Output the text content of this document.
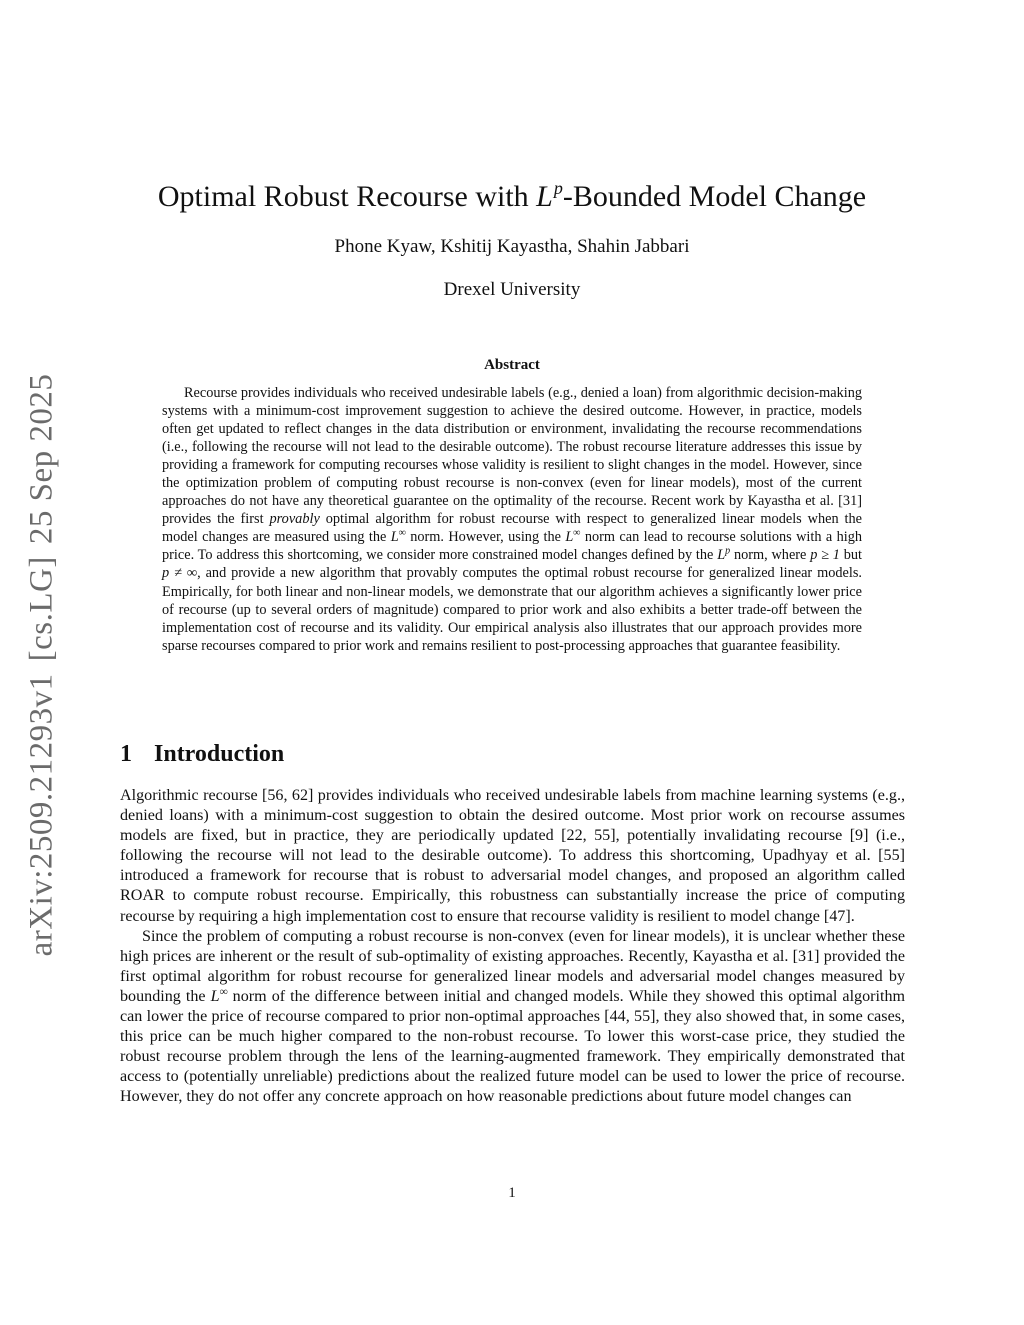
arXiv:2509.21293v1[cs.LG]25 Sep 2025
Optimal Robust Recourse with $L^p$-Bounded Model Change
Phone Kyaw, Kshitij Kayastha, Shahin Jabbari
Drexel University
Abstract

Recourse provides individuals who received undesirable labels (e.g., denied a loan) from algorithmic decision-making systems with a minimum-cost improvement suggestion to achieve the desired outcome. However, in practice, models often get updated to reflect changes in the data distribution or environment, invalidating the recourse recommendations (i.e., following the recourse will not lead to the desirable outcome). The robust recourse literature addresses this issue by providing a framework for computing recourses whose validity is resilient to slight changes in the model. However, since the optimization problem of computing robust recourse is non-convex (even for linear models), most of the current approaches do not have any theoretical guarantee on the optimality of the recourse. Recent work by Kayastha et al. [31] provides the first provably optimal algorithm for robust recourse with respect to generalized linear models when the model changes are measured using the L∞ norm. However, using the L∞ norm can lead to recourse solutions with a high price. To address this shortcoming, we consider more constrained model changes defined by the $L^p$ norm, where p ≥ 1 but p ≠ ∞, and provide a new algorithm that provably computes the optimal robust recourse for generalized linear models. Empirically, for both linear and non-linear models, we demonstrate that our algorithm achieves a significantly lower price of recourse (up to several orders of magnitude) compared to prior work and also exhibits a better trade-off between the implementation cost of recourse and its validity. Our empirical analysis also illustrates that our approach provides more sparse recourses compared to prior work and remains resilient to post-processing approaches that guarantee feasibility.

1 Introduction

Algorithmic recourse [56, 62] provides individuals who received undesirable labels from machine learning systems (e.g., denied loans) with a minimum-cost suggestion to obtain the desired outcome. Most prior work on recourse assumes models are fixed, but in practice, they are periodically updated [22, 55], potentially invalidating recourse [9] (i.e., following the recourse will not lead to the desirable outcome). To address this shortcoming, Upadhyay et al. [55] introduced a framework for recourse that is robust to adversarial model changes, and proposed an algorithm called ROAR to compute robust recourse. Empirically, this robustness can substantially increase the price of computing recourse by requiring a high implementation cost to ensure that recourse validity is resilient to model change [47].

Since the problem of computing a robust recourse is non-convex (even for linear models), it is unclear whether these high prices are inherent or the result of sub-optimality of existing approaches. Recently, Kayastha et al. [31] provided the first optimal algorithm for robust recourse for generalized linear models and adversarial model changes measured by bounding the L∞ norm of the difference between initial and changed models. While they showed this optimal algorithm can lower the price of recourse compared to prior non-optimal approaches [44, 55], they also showed that, in some cases, this price can be much higher compared to the non-robust recourse. To lower this worst-case price, they studied the robust recourse problem through the lens of the learning-augmented framework. They empirically demonstrated that access to (potentially unreliable) predictions about the realized future model can be used to lower the price of recourse. However, they do not offer any concrete approach on how reasonable predictions about future model changes can

1
